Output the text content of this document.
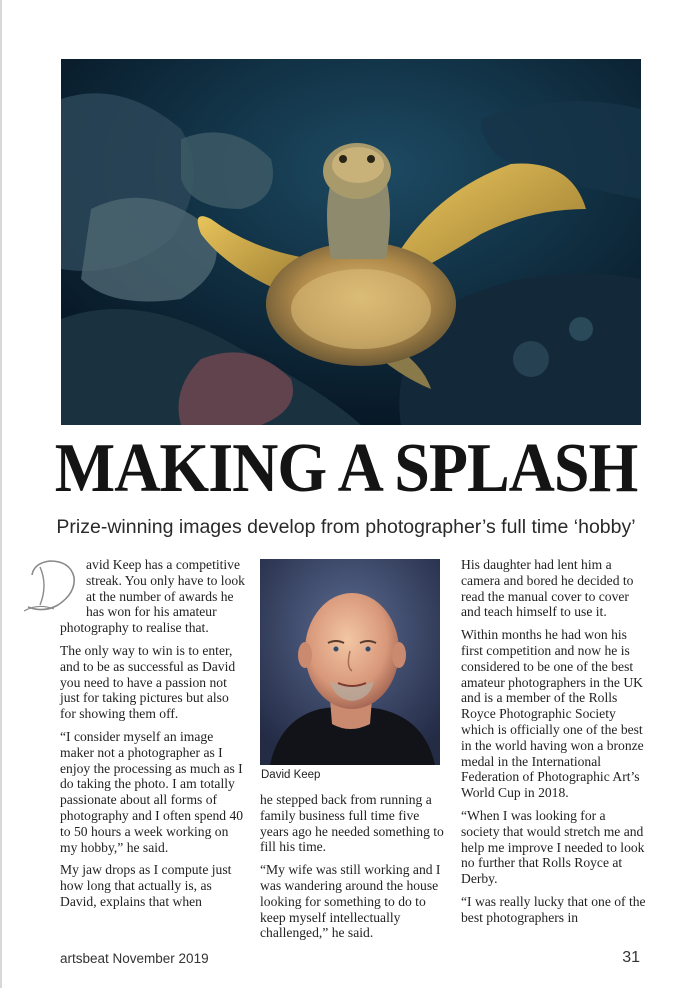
MAKING A SPLASH
Prize-winning images develop from photographer’s full time ‘hobby’

avid Keep has a competitive streak. You only have to look at the number of awards he has won for his amateur photography to realise that.

The only way to win is to enter, and to be as successful as David you need to have a passion not just for taking pictures but also for showing them off.

“I consider myself an image maker not a photographer as I enjoy the processing as much as I do taking the photo. I am totally passionate about all forms of photography and I often spend 40 to 50 hours a week working on my hobby,” he said.

My jaw drops as I compute just how long that actually is, as David, explains that when

David Keep

he stepped back from running a family business full time five years ago he needed something to fill his time.

“My wife was still working and I was wandering around the house looking for something to do to keep myself intellectually challenged,” he said.

His daughter had lent him a camera and bored he decided to read the manual cover to cover and teach himself to use it.

Within months he had won his first competition and now he is considered to be one of the best amateur photographers in the UK and is a member of the Rolls Royce Photographic Society which is officially one of the best in the world having won a bronze medal in the International Federation of Photographic Art’s World Cup in 2018.

“When I was looking for a society that would stretch me and help me improve I needed to look no further that Rolls Royce at Derby.

“I was really lucky that one of the best photographers in

artsbeat November 2019	31
